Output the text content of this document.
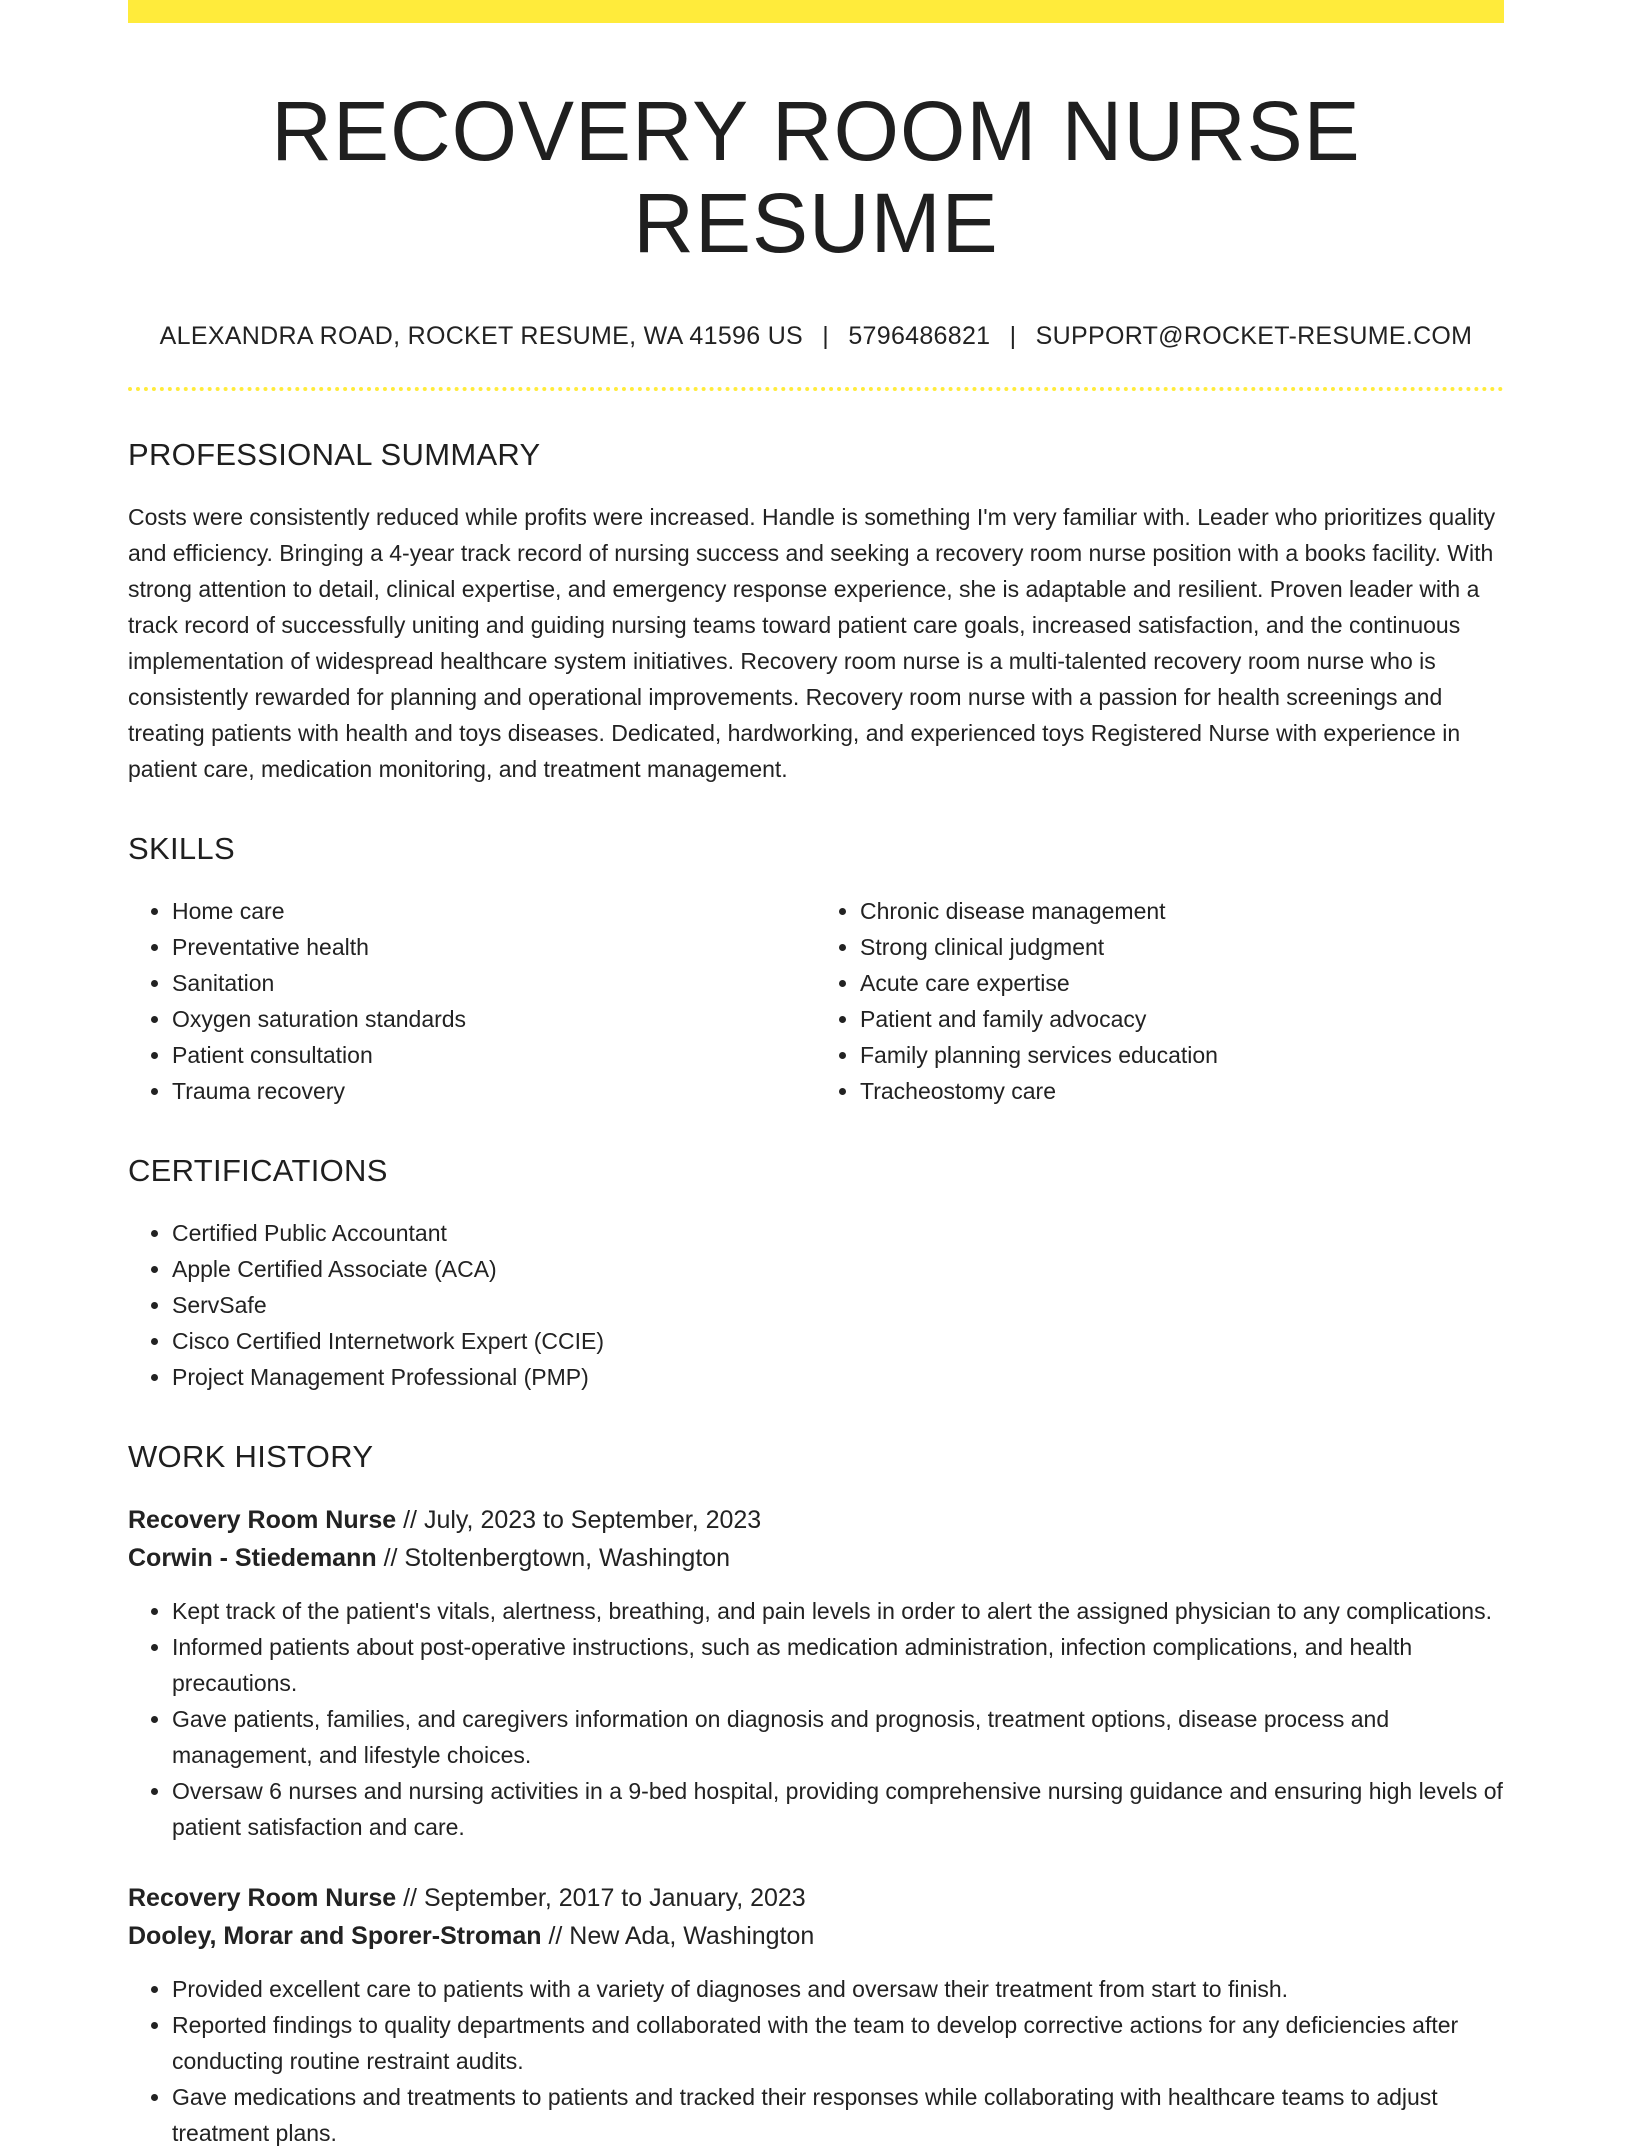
RECOVERY ROOM NURSE RESUME
ALEXANDRA ROAD, ROCKET RESUME, WA 41596 US | 5796486821 | SUPPORT@ROCKET-RESUME.COM
PROFESSIONAL SUMMARY

Costs were consistently reduced while profits were increased. Handle is something I'm very familiar with. Leader who prioritizes quality and efficiency. Bringing a 4-year track record of nursing success and seeking a recovery room nurse position with a books facility. With strong attention to detail, clinical expertise, and emergency response experience, she is adaptable and resilient. Proven leader with a track record of successfully uniting and guiding nursing teams toward patient care goals, increased satisfaction, and the continuous implementation of widespread healthcare system initiatives. Recovery room nurse is a multi-talented recovery room nurse who is consistently rewarded for planning and operational improvements. Recovery room nurse with a passion for health screenings and treating patients with health and toys diseases. Dedicated, hardworking, and experienced toys Registered Nurse with experience in patient care, medication monitoring, and treatment management.

SKILLS
• Home care
• Preventative health
• Sanitation
• Oxygen saturation standards
• Patient consultation
• Trauma recovery
• Chronic disease management
• Strong clinical judgment
• Acute care expertise
• Patient and family advocacy
• Family planning services education
• Tracheostomy care
CERTIFICATIONS
• Certified Public Accountant
• Apple Certified Associate (ACA)
• ServSafe
• Cisco Certified Internetwork Expert (CCIE)
• Project Management Professional (PMP)
WORK HISTORY
Recovery Room Nurse // July, 2023 to September, 2023
Corwin - Stiedemann // Stoltenbergtown, Washington
• Kept track of the patient's vitals, alertness, breathing, and pain levels in order to alert the assigned physician to any complications.
• Informed patients about post-operative instructions, such as medication administration, infection complications, and health precautions.
• Gave patients, families, and caregivers information on diagnosis and prognosis, treatment options, disease process and management, and lifestyle choices.
• Oversaw 6 nurses and nursing activities in a 9-bed hospital, providing comprehensive nursing guidance and ensuring high levels of patient satisfaction and care.
Recovery Room Nurse // September, 2017 to January, 2023
Dooley, Morar and Sporer-Stroman // New Ada, Washington
• Provided excellent care to patients with a variety of diagnoses and oversaw their treatment from start to finish.
• Reported findings to quality departments and collaborated with the team to develop corrective actions for any deficiencies after conducting routine restraint audits.
• Gave medications and treatments to patients and tracked their responses while collaborating with healthcare teams to adjust treatment plans.
